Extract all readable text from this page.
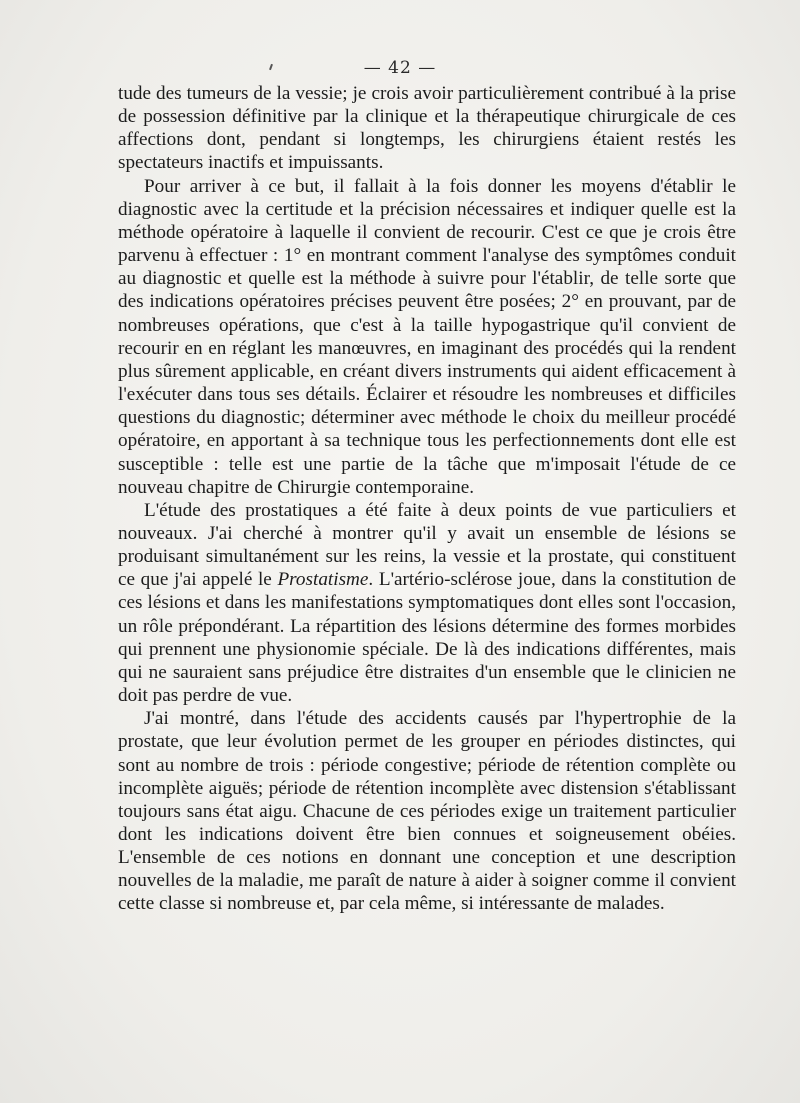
— 42 —

tude des tumeurs de la vessie; je crois avoir particulièrement contribué à la prise de possession définitive par la clinique et la thérapeutique chirurgicale de ces affections dont, pendant si longtemps, les chirurgiens étaient restés les spectateurs inactifs et impuissants.

Pour arriver à ce but, il fallait à la fois donner les moyens d'établir le diagnostic avec la certitude et la précision nécessaires et indiquer quelle est la méthode opératoire à laquelle il convient de recourir. C'est ce que je crois être parvenu à effectuer : 1° en montrant comment l'analyse des symptômes conduit au diagnostic et quelle est la méthode à suivre pour l'établir, de telle sorte que des indications opératoires précises peuvent être posées; 2° en prouvant, par de nombreuses opérations, que c'est à la taille hypogastrique qu'il convient de recourir en en réglant les manœuvres, en imaginant des procédés qui la rendent plus sûrement applicable, en créant divers instruments qui aident efficacement à l'exécuter dans tous ses détails. Éclairer et résoudre les nombreuses et difficiles questions du diagnostic; déterminer avec méthode le choix du meilleur procédé opératoire, en apportant à sa technique tous les perfectionnements dont elle est susceptible : telle est une partie de la tâche que m'imposait l'étude de ce nouveau chapitre de Chirurgie contemporaine.

L'étude des prostatiques a été faite à deux points de vue particuliers et nouveaux. J'ai cherché à montrer qu'il y avait un ensemble de lésions se produisant simultanément sur les reins, la vessie et la prostate, qui constituent ce que j'ai appelé le Prostatisme. L'artério-sclérose joue, dans la constitution de ces lésions et dans les manifestations symptomatiques dont elles sont l'occasion, un rôle prépondérant. La répartition des lésions détermine des formes morbides qui prennent une physionomie spéciale. De là des indications différentes, mais qui ne sauraient sans préjudice être distraites d'un ensemble que le clinicien ne doit pas perdre de vue.

J'ai montré, dans l'étude des accidents causés par l'hypertrophie de la prostate, que leur évolution permet de les grouper en périodes distinctes, qui sont au nombre de trois : période congestive; période de rétention complète ou incomplète aiguës; période de rétention incomplète avec distension s'établissant toujours sans état aigu. Chacune de ces périodes exige un traitement particulier dont les indications doivent être bien connues et soigneusement obéies. L'ensemble de ces notions en donnant une conception et une description nouvelles de la maladie, me paraît de nature à aider à soigner comme il convient cette classe si nombreuse et, par cela même, si intéressante de malades.
